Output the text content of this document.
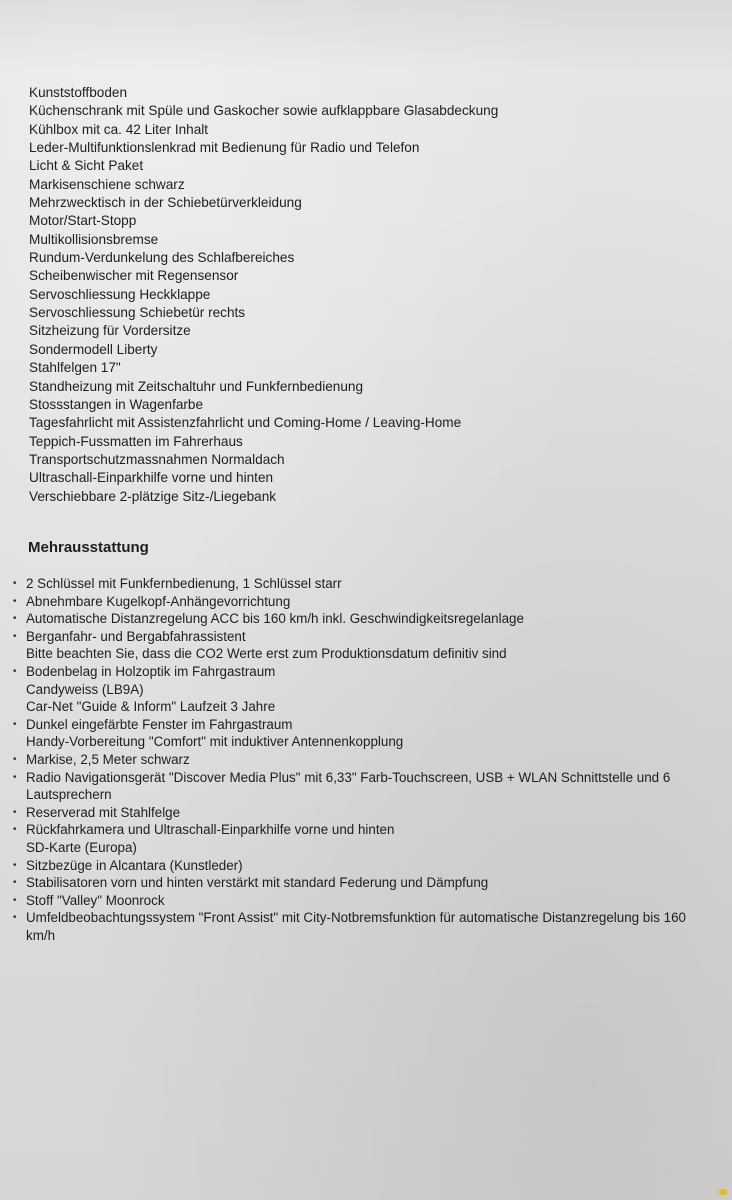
Kunststoffboden
Küchenschrank mit Spüle und Gaskocher sowie aufklappbare Glasabdeckung
Kühlbox mit ca. 42 Liter Inhalt
Leder-Multifunktionslenkrad mit Bedienung für Radio und Telefon
Licht & Sicht Paket
Markisenschiene schwarz
Mehrzwecktisch in der Schiebetürverkleidung
Motor/Start-Stopp
Multikollisionsbremse
Rundum-Verdunkelung des Schlafbereiches
Scheibenwischer mit Regensensor
Servoschliessung Heckklappe
Servoschliessung Schiebetür rechts
Sitzheizung für Vordersitze
Sondermodell Liberty
Stahlfelgen 17"
Standheizung mit Zeitschaltuhr und Funkfernbedienung
Stossstangen in Wagenfarbe
Tagesfahrlicht mit Assistenzfahrlicht und Coming-Home / Leaving-Home
Teppich-Fussmatten im Fahrerhaus
Transportschutzmassnahmen Normaldach
Ultraschall-Einparkhilfe vorne und hinten
Verschiebbare 2-plätzige Sitz-/Liegebank
Mehrausstattung
• 2 Schlüssel mit Funkfernbedienung, 1 Schlüssel starr
• Abnehmbare Kugelkopf-Anhängevorrichtung
• Automatische Distanzregelung ACC bis 160 km/h inkl. Geschwindigkeitsregelanlage
• Berganfahr- und Bergabfahrassistent
Bitte beachten Sie, dass die CO2 Werte erst zum Produktionsdatum definitiv sind
• Bodenbelag in Holzoptik im Fahrgastraum
Candyweiss (LB9A)
Car-Net "Guide & Inform" Laufzeit 3 Jahre
• Dunkel eingefärbte Fenster im Fahrgastraum
Handy-Vorbereitung "Comfort" mit induktiver Antennenkopplung
• Markise, 2,5 Meter schwarz
• Radio Navigationsgerät "Discover Media Plus" mit 6,33" Farb-Touchscreen, USB + WLAN Schnittstelle und 6 Lautsprechern
• Reserverad mit Stahlfelge
• Rückfahrkamera und Ultraschall-Einparkhilfe vorne und hinten
SD-Karte (Europa)
• Sitzbezüge in Alcantara (Kunstleder)
• Stabilisatoren vorn und hinten verstärkt mit standard Federung und Dämpfung
• Stoff "Valley" Moonrock
• Umfeldbeobachtungssystem "Front Assist" mit City-Notbremsfunktion für automatische Distanzregelung bis 160 km/h
